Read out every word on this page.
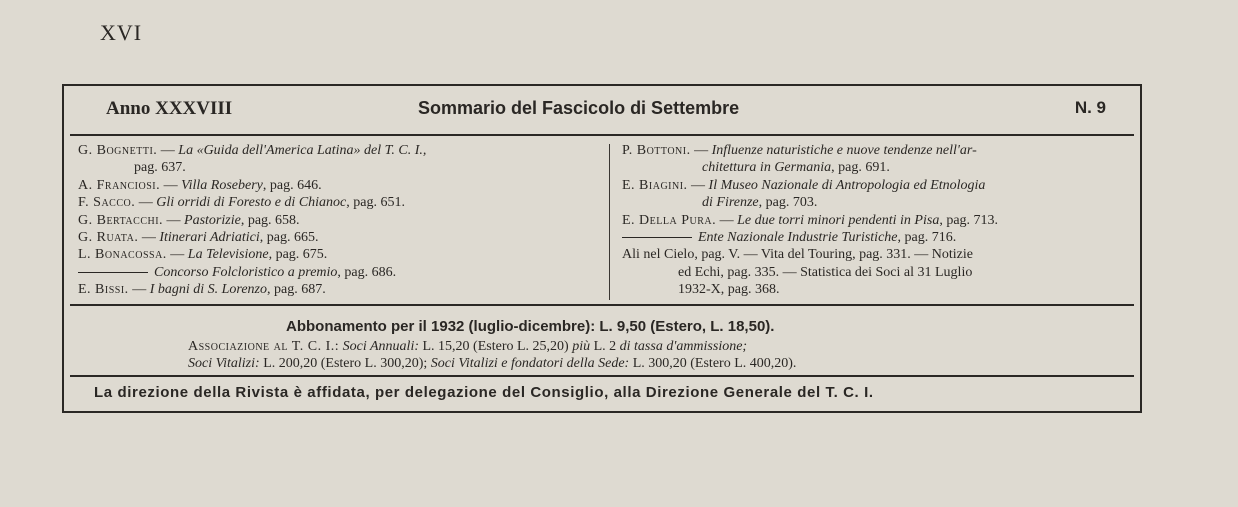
XVI
Anno XXXVIII	Sommario del Fascicolo di Settembre	N. 9
G. Bognetti. — La «Guida dell'America Latina» del T. C. I.,
pag. 637.
A. Franciosi. — Villa Rosebery, pag. 646.
F. Sacco. — Gli orridi di Foresto e di Chianoc, pag. 651.
G. Bertacchi. — Pastorizie, pag. 658.
G. Ruata. — Itinerari Adriatici, pag. 665.
L. Bonacossa. — La Televisione, pag. 675.
Concorso Folcloristico a premio, pag. 686.
E. Bissi. — I bagni di S. Lorenzo, pag. 687.
P. Bottoni. — Influenze naturistiche e nuove tendenze nell'ar-
chitettura in Germania, pag. 691.
E. Biagini. — Il Museo Nazionale di Antropologia ed Etnologia
di Firenze, pag. 703.
E. Della Pura. — Le due torri minori pendenti in Pisa, pag. 713.
Ente Nazionale Industrie Turistiche, pag. 716.
Ali nel Cielo, pag. V. — Vita del Touring, pag. 331. — Notizie
ed Echi, pag. 335. — Statistica dei Soci al 31 Luglio
1932-X, pag. 368.
Abbonamento per il 1932 (luglio-dicembre): L. 9,50 (Estero, L. 18,50).
Associazione al T. C. I.: Soci Annuali: L. 15,20 (Estero L. 25,20) più L. 2 di tassa d'ammissione;
Soci Vitalizi: L. 200,20 (Estero L. 300,20); Soci Vitalizi e fondatori della Sede: L. 300,20 (Estero L. 400,20).
La direzione della Rivista è affidata, per delegazione del Consiglio, alla Direzione Generale del T. C. I.
